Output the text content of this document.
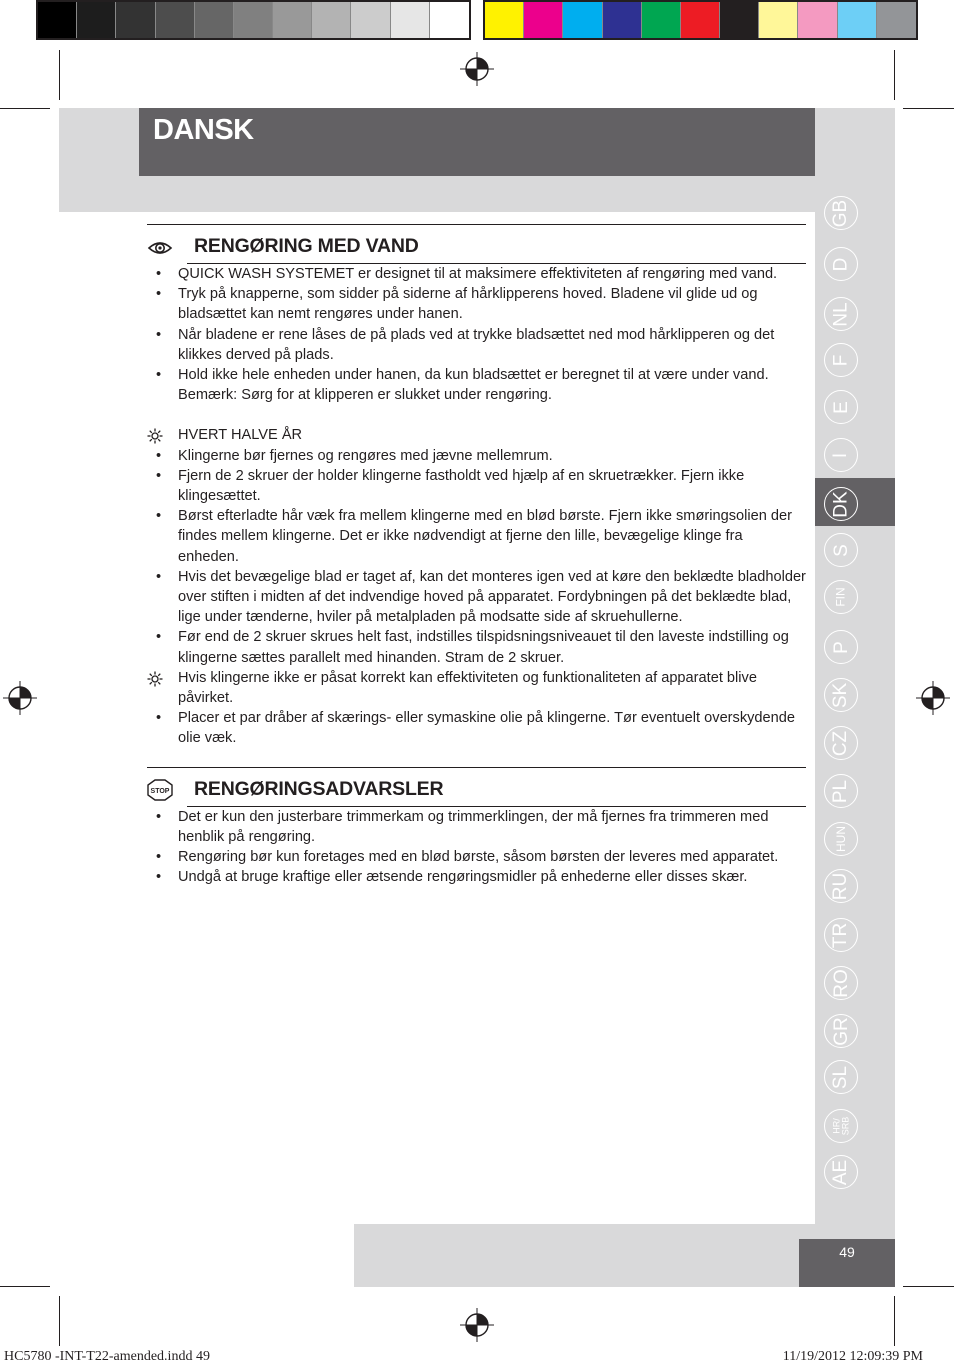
DANSK
GB
D
NL
F
E
I
DK
S
FIN
P
SK
CZ
PL
HUN
RU
TR
RO
GR
SL
HR/
SRB
AE
49
RENGØRING MED VAND
• QUICK WASH SYSTEMET er designet til at maksimere effektiviteten af rengøring med vand.
• Tryk på knapperne, som sidder på siderne af hårklipperens hoved. Bladene vil glide ud og bladsættet kan nemt rengøres under hanen.
• Når bladene er rene låses de på plads ved at trykke bladsættet ned mod hårklipperen og det klikkes derved på plads.
• Hold ikke hele enheden under hanen, da kun bladsættet er beregnet til at være under vand.
Bemærk: Sørg for at klipperen er slukket under rengøring.
HVERT HALVE ÅR
• Klingerne bør fjernes og rengøres med jævne mellemrum.
• Fjern de 2 skruer der holder klingerne fastholdt ved hjælp af en skruetrækker. Fjern ikke klingesættet.
• Børst efterladte hår væk fra mellem klingerne med en blød børste. Fjern ikke smøringsolien der findes mellem klingerne. Det er ikke nødvendigt at fjerne den lille, bevægelige klinge fra enheden.
• Hvis det bevægelige blad er taget af, kan det monteres igen ved at køre den beklædte bladholder over stiften i midten af det indvendige hoved på apparatet. Fordybningen på det beklædte blad, lige under tænderne, hviler på metalpladen på modsatte side af skruehullerne.
• Før end de 2 skruer skrues helt fast, indstilles tilspidsningsniveauet til den laveste indstilling og klingerne sættes parallelt med hinanden. Stram de 2 skruer.
Hvis klingerne ikke er påsat korrekt kan effektiviteten og funktionaliteten af apparatet blive påvirket.
• Placer et par dråber af skærings- eller symaskine olie på klingerne. Tør eventuelt overskydende olie væk.
STOP RENGØRINGSADVARSLER
• Det er kun den justerbare trimmerkam og trimmerklingen, der må fjernes fra trimmeren med henblik på rengøring.
• Rengøring bør kun foretages med en blød børste, såsom børsten der leveres med apparatet.
• Undgå at bruge kraftige eller ætsende rengøringsmidler på enhederne eller disses skær.
HC5780 -INT-T22-amended.indd 49	11/19/2012 12:09:39 PM
